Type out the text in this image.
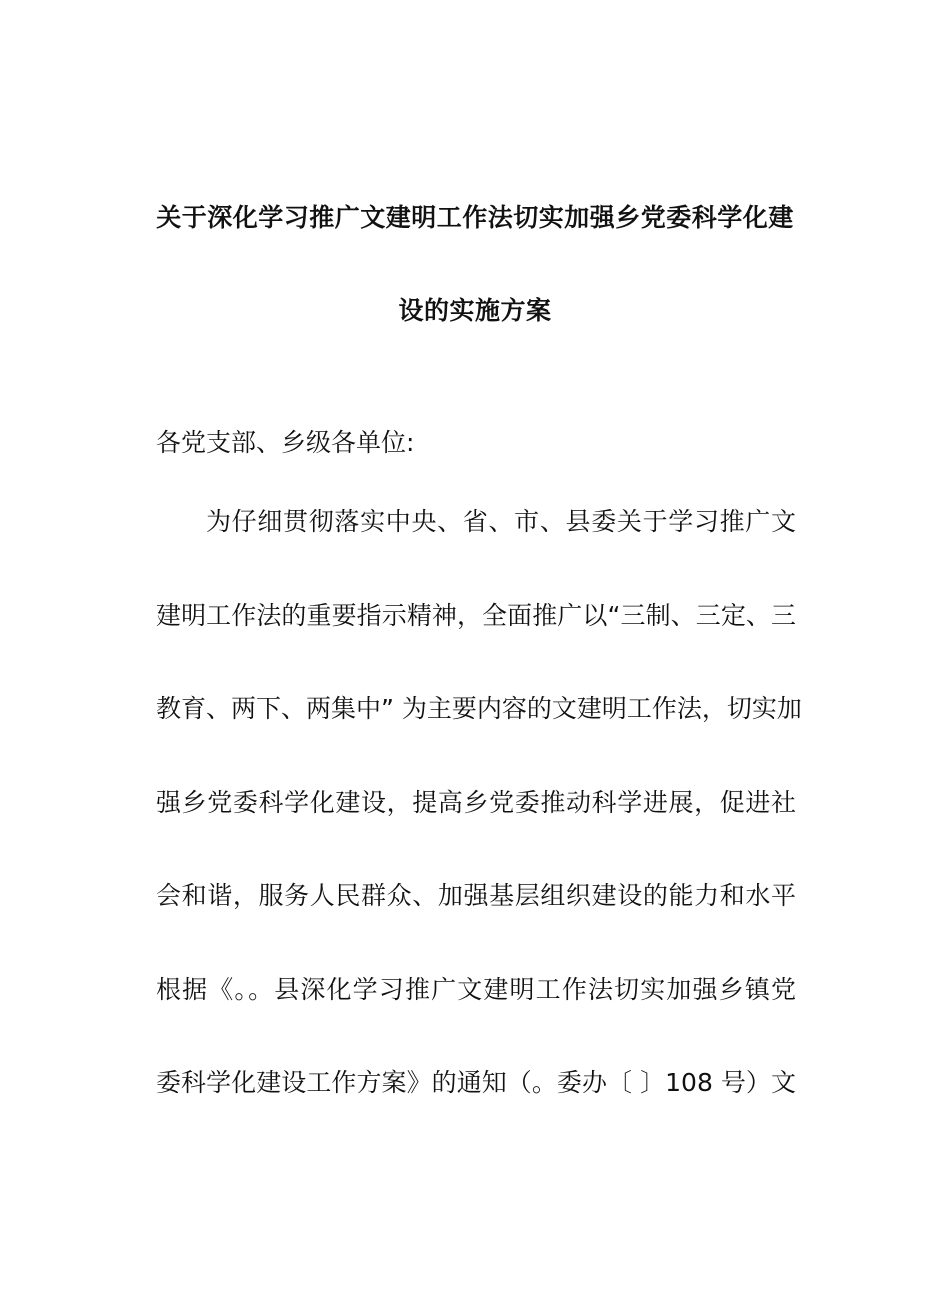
关于深化学习推广文建明工作法切实加强乡党委科学化建
设的实施方案
各党支部、乡级各单位:
为仔细贯彻落实中央、省、市、县委关于学习推广文
建明工作法的重要指示精神，全面推广以“三制、三定、三
教育、两下、两集中” 为主要内容的文建明工作法，切实加
强乡党委科学化建设，提高乡党委推动科学进展，促进社
会和谐，服务人民群众、加强基层组织建设的能力和水平
根据《。。县深化学习推广文建明工作法切实加强乡镇党
委科学化建设工作方案》的通知（。委办〔 〕108 号）文
